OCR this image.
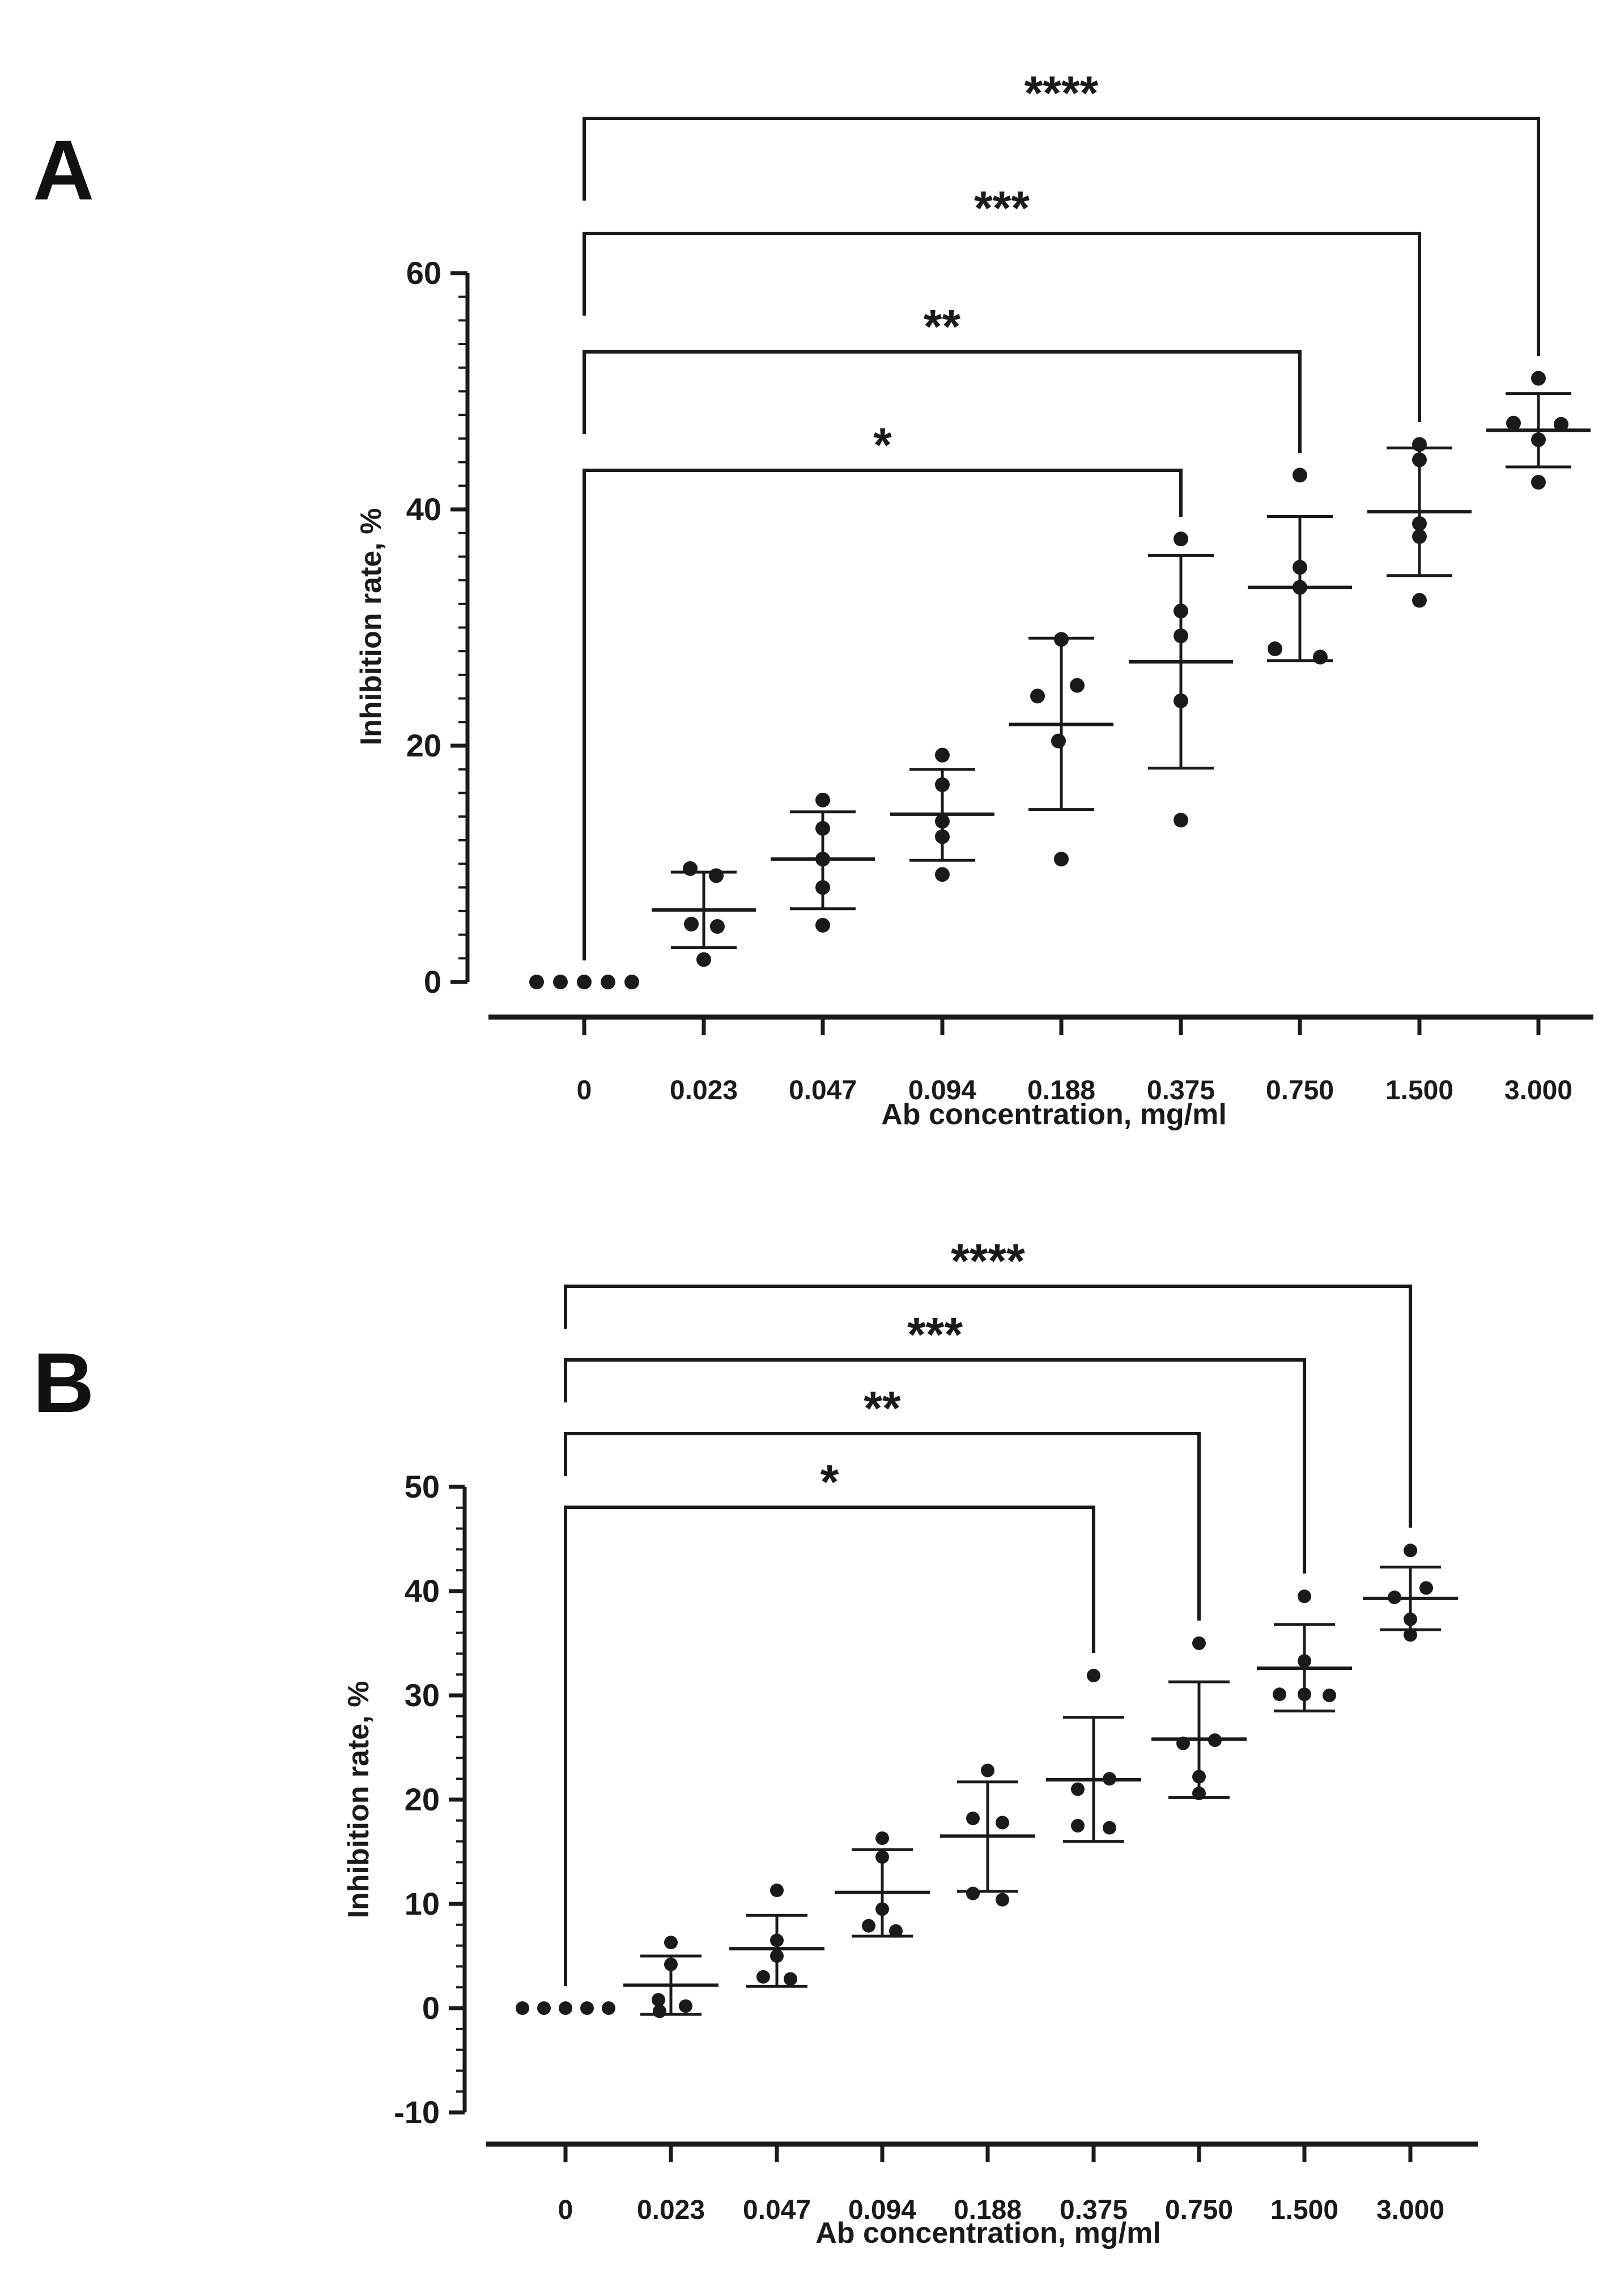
A
B
0
20
40
60
Inhibition rate, %
0	0.023 0.047 0.094 0.188 0.375 0.750 1.500 3.000
Ab concentration, mg/ml
*
**
***
****
-10
0
10
20
30
40
50
Inhibition rate, %
0 0.023 0.047 0.094 0.188 0.375 0.750 1.500 3.000
Ab concentration, mg/ml
*
**
***
****
